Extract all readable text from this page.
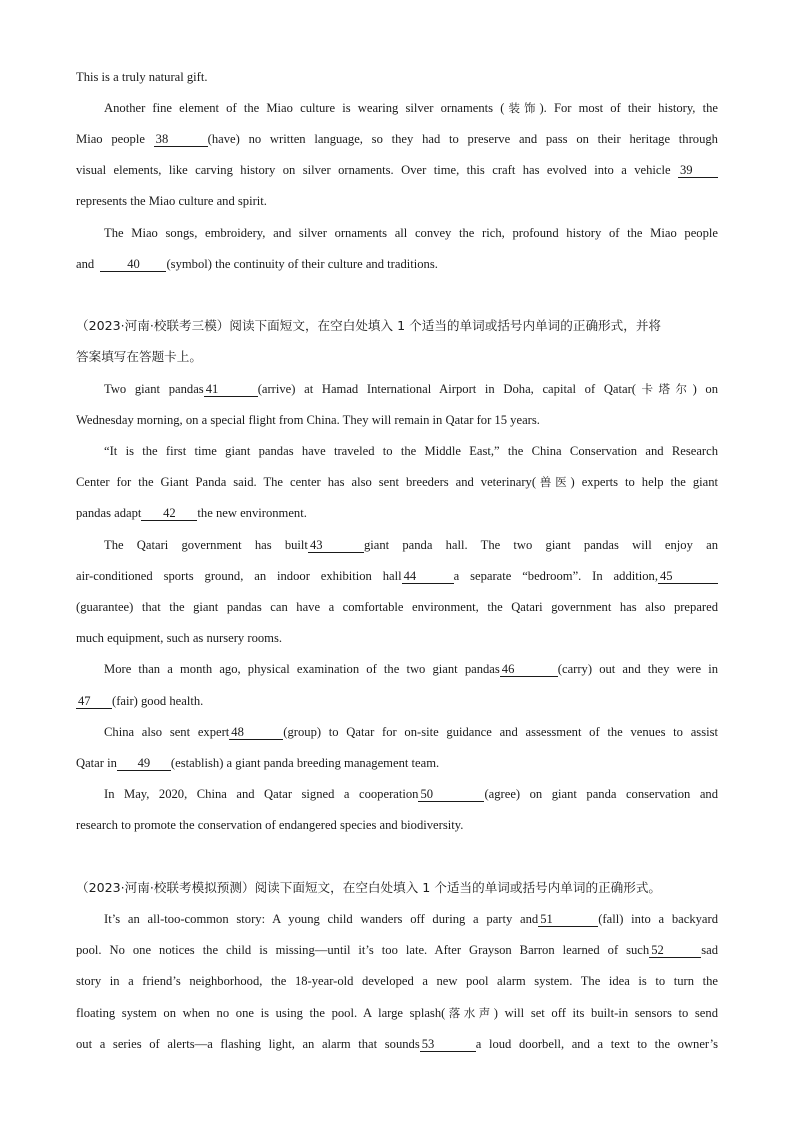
This is a truly natural gift.
Another fine element of the Miao culture is wearing silver ornaments (装饰). For most of their history, the
Miao people 38	(have) no written language, so they had to preserve and pass on their heritage through
visual elements, like carving history on silver ornaments. Over time, this craft has evolved into a vehicle 39
represents the Miao culture and spirit.
The Miao songs, embroidery, and silver ornaments all convey the rich, profound history of the Miao people
and	40 (symbol) the continuity of their culture and traditions.
（2023·河南·校联考三模）阅读下面短文，在空白处填入 1 个适当的单词或括号内单词的正确形式，并将
答案填写在答题卡上。
Two giant pandas 41	(arrive) at Hamad International Airport in Doha, capital of Qatar(卡塔尔) on
Wednesday morning, on a special flight from China. They will remain in Qatar for 15 years.
“It is the first time giant pandas have traveled to the Middle East,” the China Conservation and Research
Center for the Giant Panda said. The center has also sent breeders and veterinary(兽医) experts to help the giant
pandas adapt 42 the new environment.
The Qatari government has built 43	giant panda hall. The two giant pandas will enjoy an
air-conditioned sports ground, an indoor exhibition hall 44	a separate “bedroom”. In addition, 45
(guarantee) that the giant pandas can have a comfortable environment, the Qatari government has also prepared
much equipment, such as nursery rooms.
More than a month ago, physical examination of the two giant pandas 46	(carry) out and they were in
47 (fair) good health.
China also sent expert 48	(group) to Qatar for on-site guidance and assessment of the venues to assist
Qatar in 49 (establish) a giant panda breeding management team.
In May, 2020, China and Qatar signed a cooperation 50	(agree) on giant panda conservation and
research to promote the conservation of endangered species and biodiversity.
（2023·河南·校联考模拟预测）阅读下面短文，在空白处填入 1 个适当的单词或括号内单词的正确形式。
It’s an all-too-common story: A young child wanders off during a party and 51	(fall) into a backyard
pool. No one notices the child is missing—until it’s too late. After Grayson Barron learned of such 52	sad
story in a friend’s neighborhood, the 18-year-old developed a new pool alarm system. The idea is to turn the
floating system on when no one is using the pool. A large splash(落水声) will set off its built-in sensors to send
out a series of alerts—a flashing light, an alarm that sounds 53	a loud doorbell, and a text to the owner’s
